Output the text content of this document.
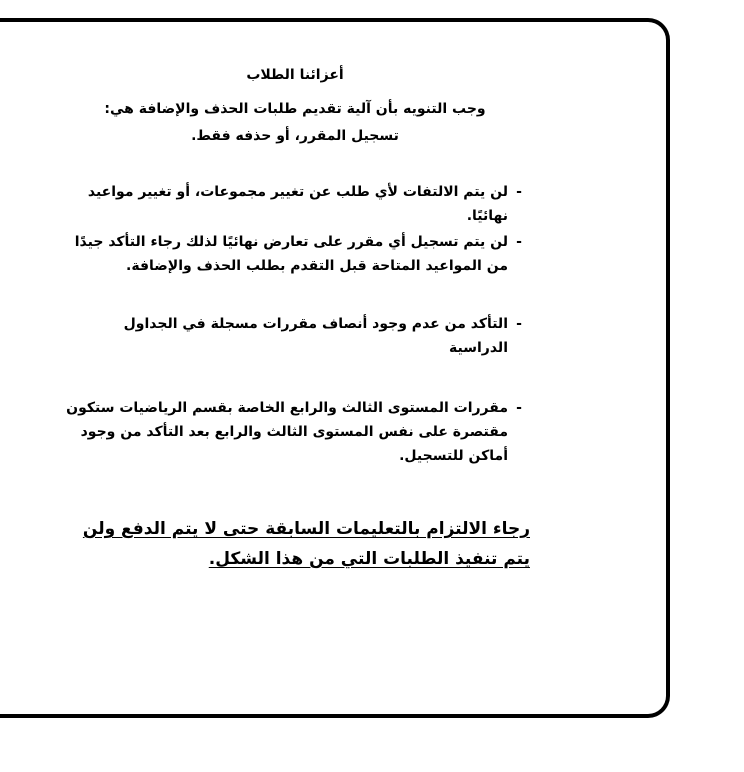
أعزائنا الطلاب

وجب التنويه بأن آلية تقديم طلبات الحذف والإضافة هي:

تسجيل المقرر، أو حذفه فقط.

-
لن يتم الالتفات لأي طلب عن تغيير مجموعات، أو تغيير مواعيد نهائيًا.
-
لن يتم تسجيل أي مقرر على تعارض نهائيًا لذلك رجاء التأكد جيدًا من المواعيد المتاحة قبل التقدم بطلب الحذف والإضافة.
-
التأكد من عدم وجود أنصاف مقررات مسجلة في الجداول الدراسية
-
مقررات المستوى الثالث والرابع الخاصة بقسم الرياضيات ستكون مقتصرة على نفس المستوى الثالث والرابع بعد التأكد من وجود أماكن للتسجيل.

رجاء الالتزام بالتعليمات السابقة حتى لا يتم الدفع ولن يتم تنفيذ الطلبات التي من هذا الشكل.
